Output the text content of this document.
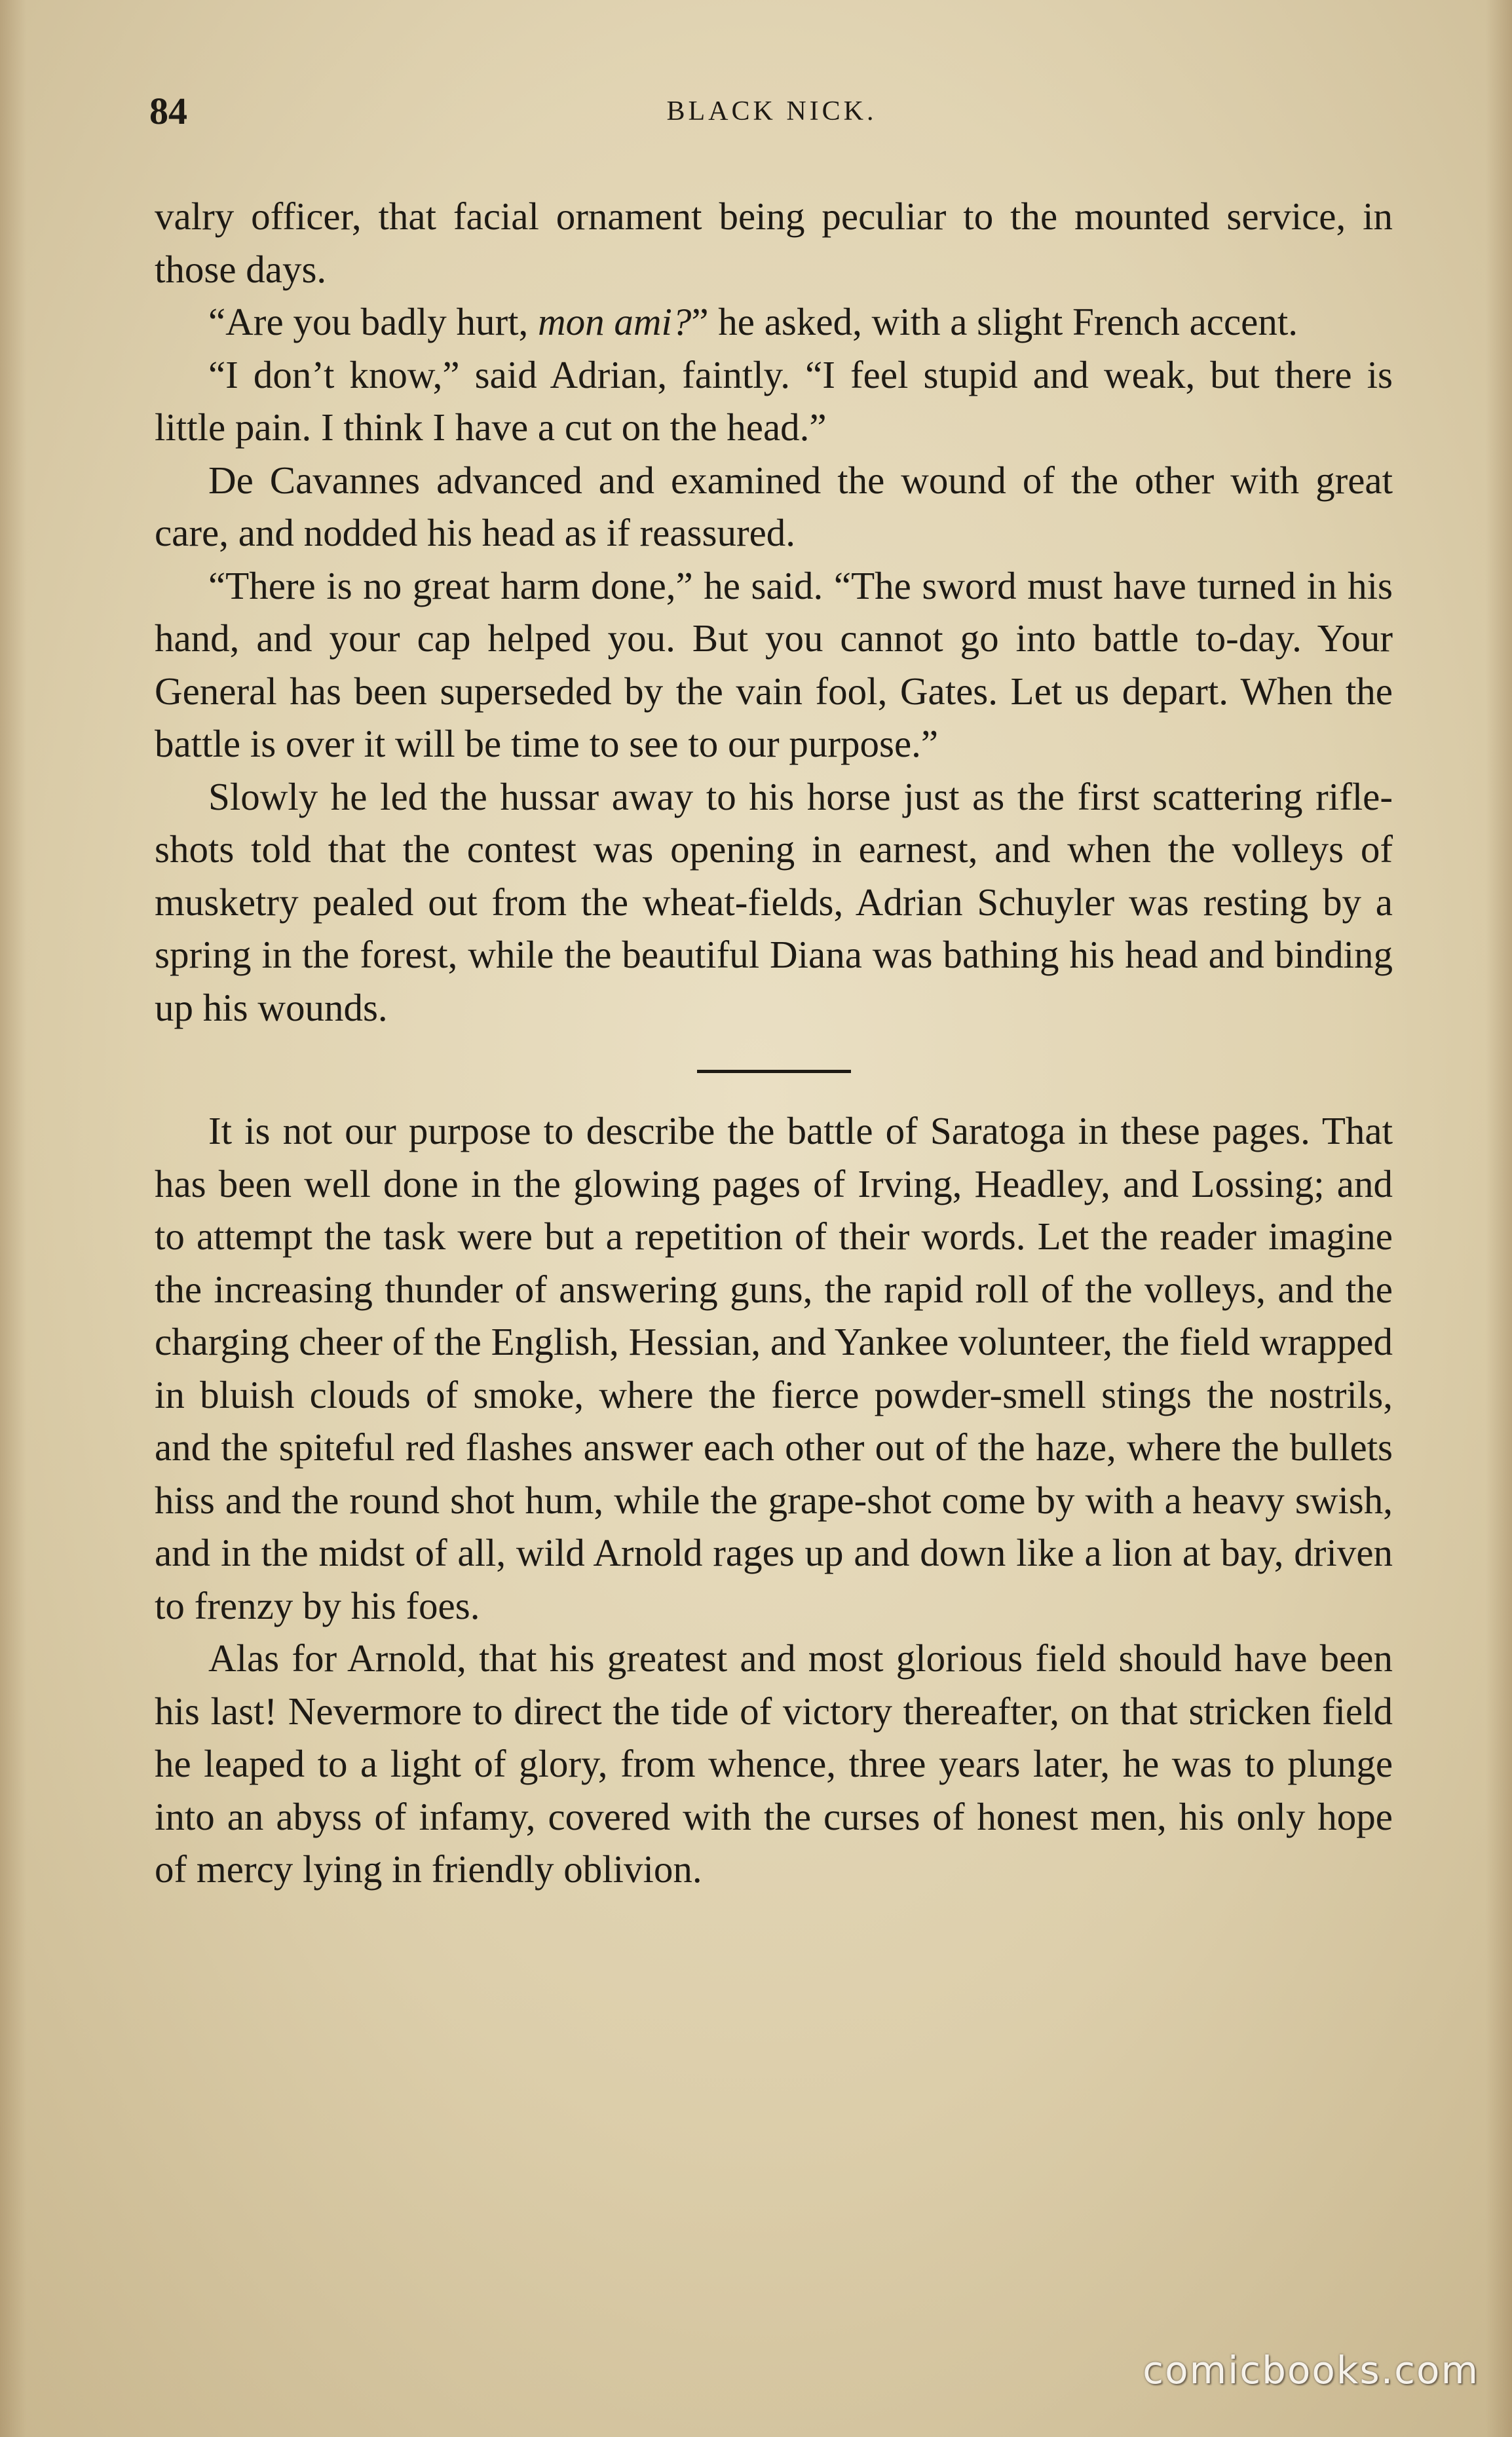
84	BLACK NICK.

valry officer, that facial ornament being peculiar to the mounted service, in those days.

“Are you badly hurt, mon ami?” he asked, with a slight French accent.

“I don’t know,” said Adrian, faintly. “I feel stupid and weak, but there is little pain. I think I have a cut on the head.”

De Cavannes advanced and examined the wound of the other with great care, and nodded his head as if reassured.

“There is no great harm done,” he said. “The sword must have turned in his hand, and your cap helped you. But you cannot go into battle to-day. Your General has been superseded by the vain fool, Gates. Let us depart. When the battle is over it will be time to see to our purpose.”

Slowly he led the hussar away to his horse just as the first scattering rifle-shots told that the contest was opening in earnest, and when the volleys of musketry pealed out from the wheat-fields, Adrian Schuyler was resting by a spring in the forest, while the beautiful Diana was bathing his head and binding up his wounds.

It is not our purpose to describe the battle of Saratoga in these pages. That has been well done in the glowing pages of Irving, Headley, and Lossing; and to attempt the task were but a repetition of their words. Let the reader imagine the increasing thunder of answering guns, the rapid roll of the volleys, and the charging cheer of the English, Hessian, and Yankee volunteer, the field wrapped in bluish clouds of smoke, where the fierce powder-smell stings the nostrils, and the spiteful red flashes answer each other out of the haze, where the bullets hiss and the round shot hum, while the grape-shot come by with a heavy swish, and in the midst of all, wild Arnold rages up and down like a lion at bay, driven to frenzy by his foes.

Alas for Arnold, that his greatest and most glorious field should have been his last! Nevermore to direct the tide of victory thereafter, on that stricken field he leaped to a light of glory, from whence, three years later, he was to plunge into an abyss of infamy, covered with the curses of honest men, his only hope of mercy lying in friendly oblivion.

comicbooks.com
